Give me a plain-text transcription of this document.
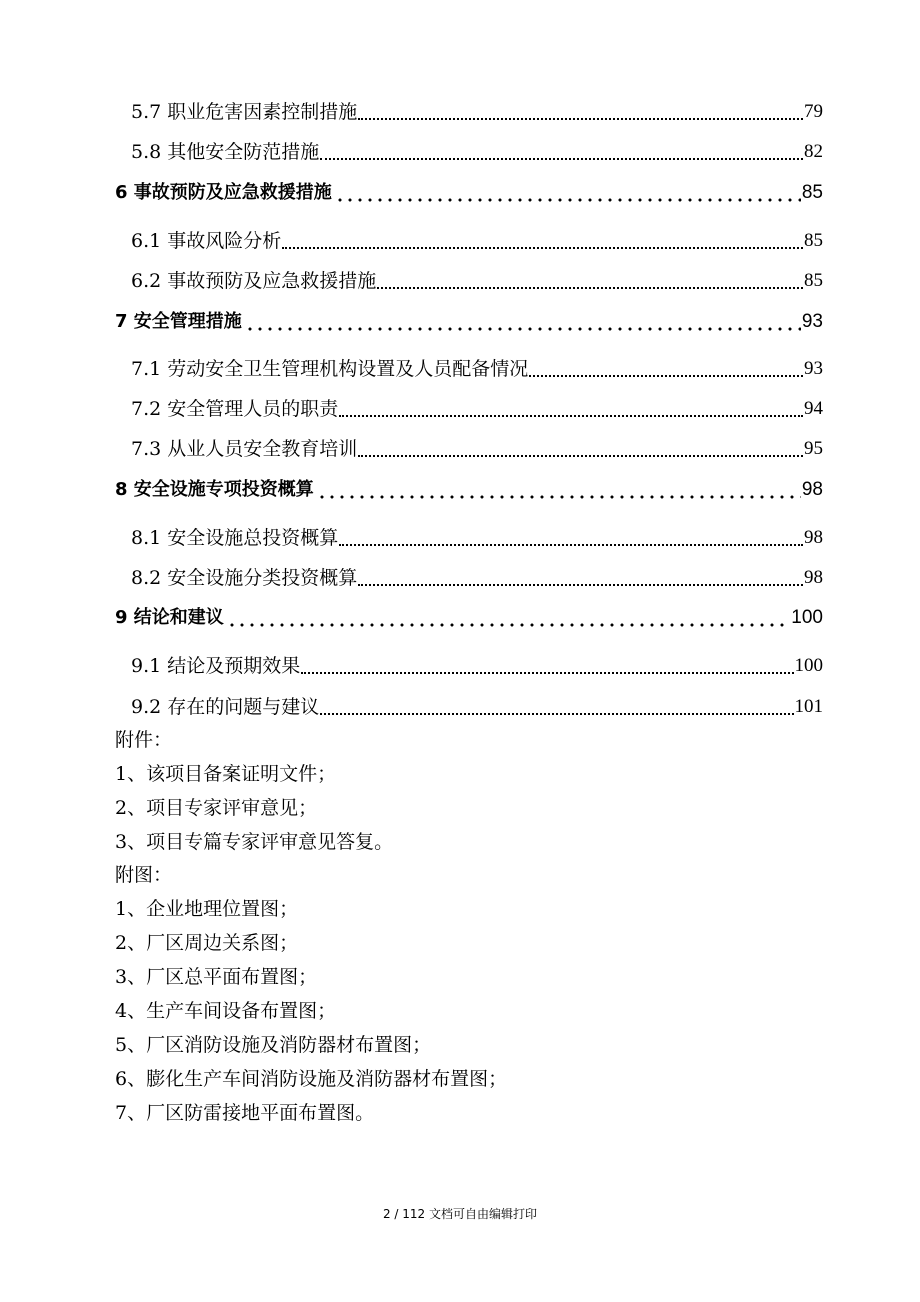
5.7 职业危害因素控制措施	79
5.8 其他安全防范措施	82
6 事故预防及应急救援措施	85
6.1 事故风险分析	85
6.2 事故预防及应急救援措施	85
7 安全管理措施	93
7.1 劳动安全卫生管理机构设置及人员配备情况	93
7.2 安全管理人员的职责	94
7.3 从业人员安全教育培训	95
8 安全设施专项投资概算	98
8.1 安全设施总投资概算	98
8.2 安全设施分类投资概算	98
9 结论和建议	100
9.1 结论及预期效果	100
9.2 存在的问题与建议	101
附件：
1、该项目备案证明文件；
2、项目专家评审意见；
3、项目专篇专家评审意见答复。
附图：
1、企业地理位置图；
2、厂区周边关系图；
3、厂区总平面布置图；
4、生产车间设备布置图；
5、厂区消防设施及消防器材布置图；
6、膨化生产车间消防设施及消防器材布置图；
7、厂区防雷接地平面布置图。
2 / 112 文档可自由编辑打印
